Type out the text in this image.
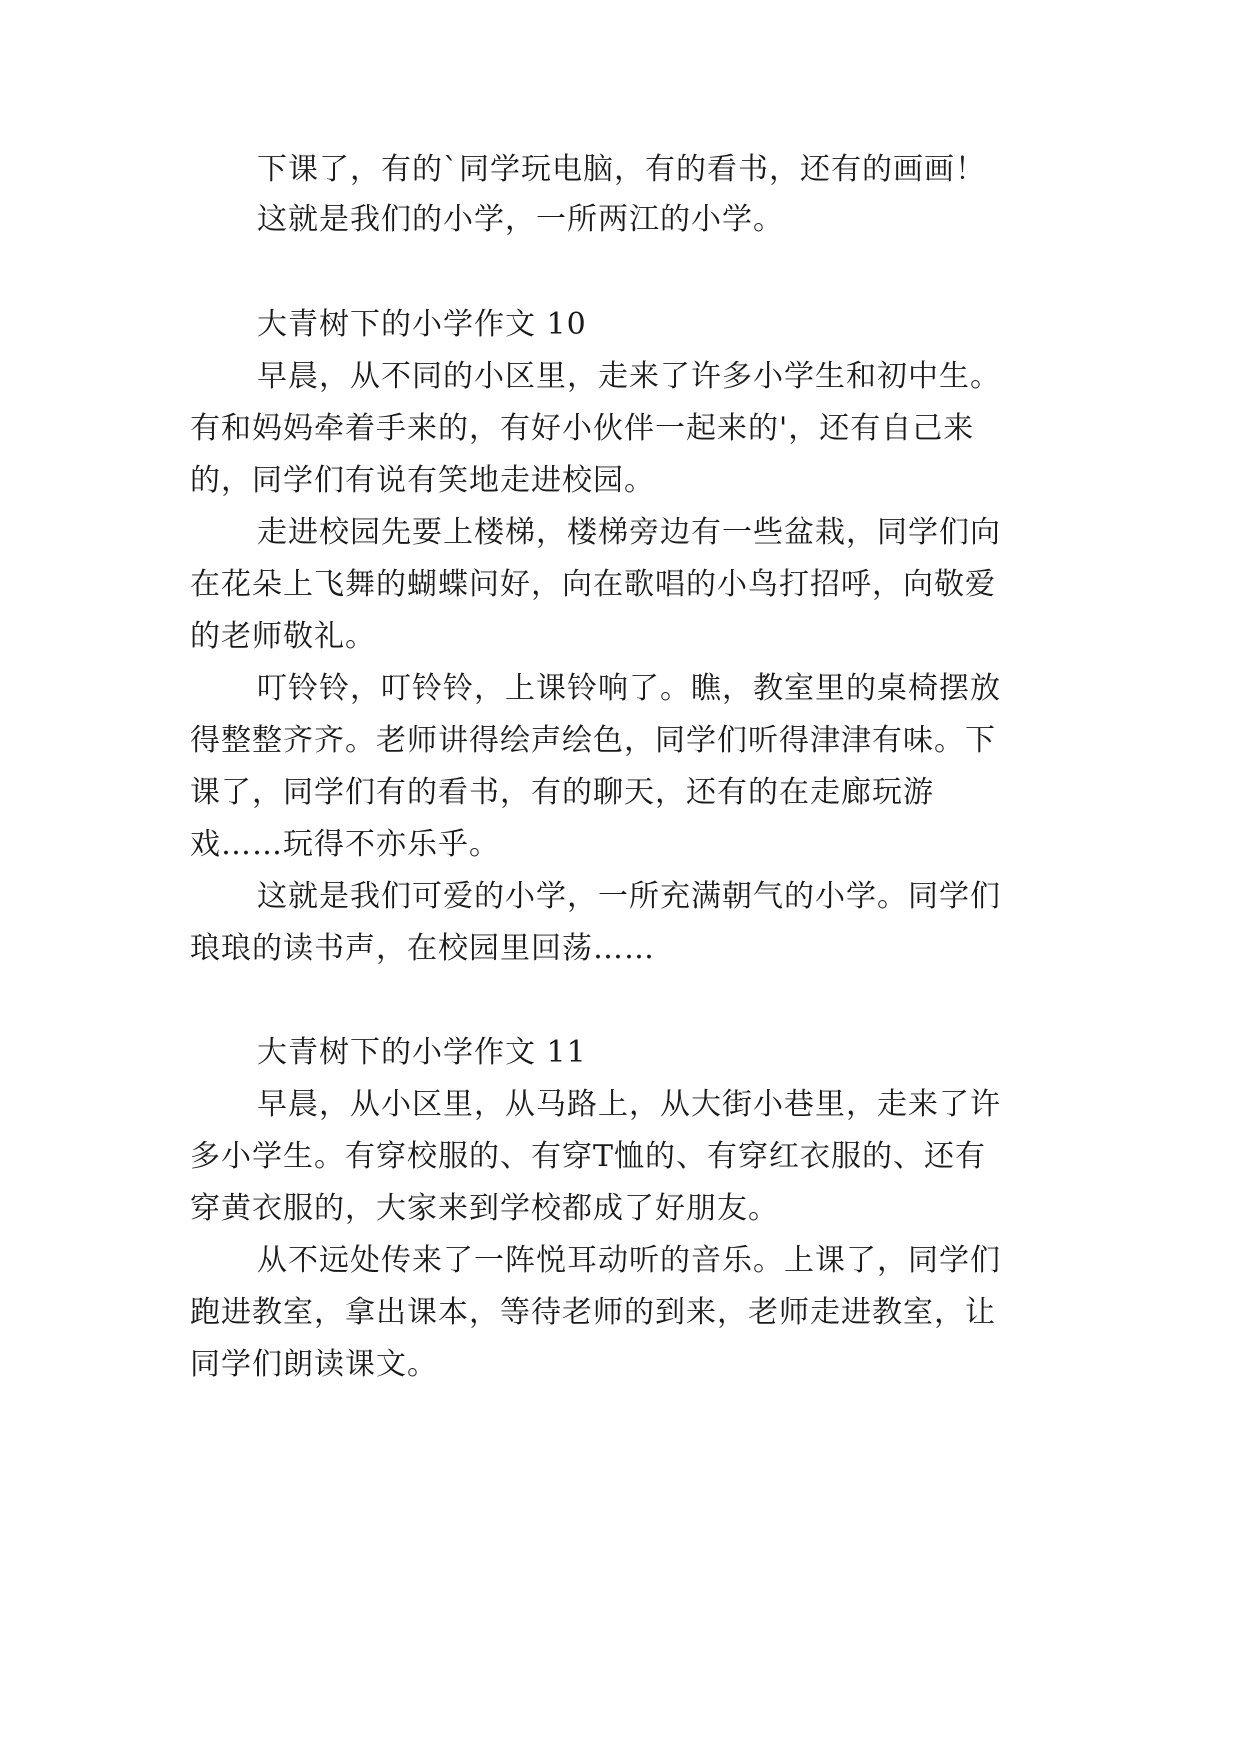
下课了，有的`同学玩电脑，有的看书，还有的画画！
这就是我们的小学，一所两江的小学。
大青树下的小学作文 10
早晨，从不同的小区里，走来了许多小学生和初中生。
有和妈妈牵着手来的，有好小伙伴一起来的'，还有自己来
的，同学们有说有笑地走进校园。
走进校园先要上楼梯，楼梯旁边有一些盆栽，同学们向
在花朵上飞舞的蝴蝶问好，向在歌唱的小鸟打招呼，向敬爱
的老师敬礼。
叮铃铃，叮铃铃，上课铃响了。瞧，教室里的桌椅摆放
得整整齐齐。老师讲得绘声绘色，同学们听得津津有味。下
课了，同学们有的看书，有的聊天，还有的在走廊玩游
戏……玩得不亦乐乎。
这就是我们可爱的小学，一所充满朝气的小学。同学们
琅琅的读书声，在校园里回荡……
大青树下的小学作文 11
早晨，从小区里，从马路上，从大街小巷里，走来了许
多小学生。有穿校服的、有穿T恤的、有穿红衣服的、还有
穿黄衣服的，大家来到学校都成了好朋友。
从不远处传来了一阵悦耳动听的音乐。上课了，同学们
跑进教室，拿出课本，等待老师的到来，老师走进教室，让
同学们朗读课文。
